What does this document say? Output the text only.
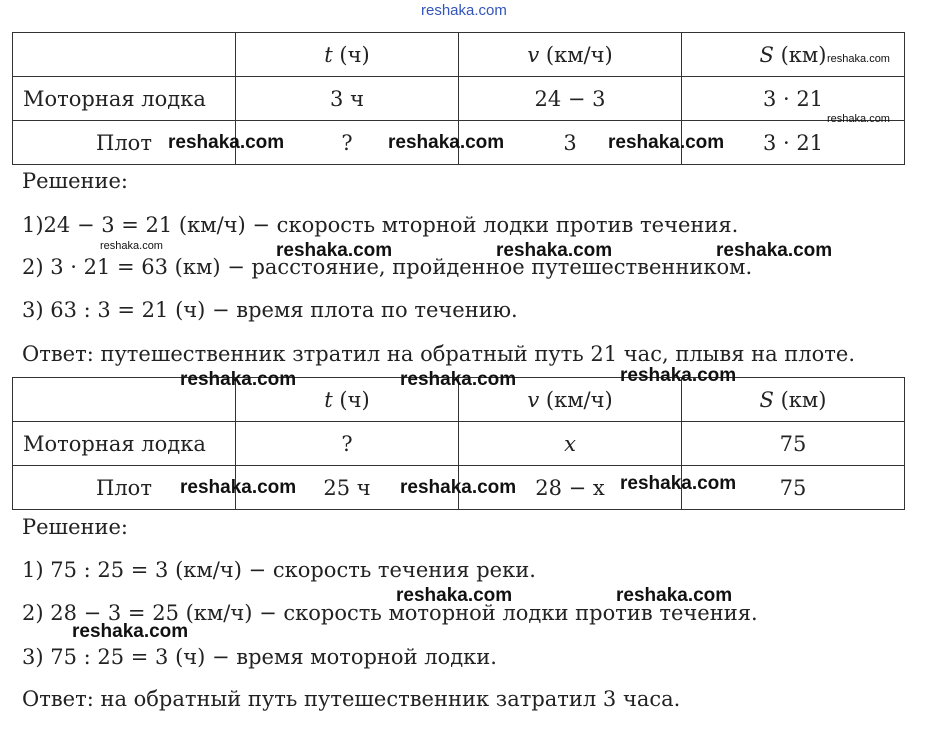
reshaka.com
	t (ч)	v (км/ч)	S (км)
Моторная лодка	3 ч	24 − 3	3 · 21
Плот	?	3	3 · 21
Решение:
1)24 − 3 = 21 (км/ч) − скорость мторной лодки против течения.
2) 3 · 21 = 63 (км) − расстояние, пройденное путешественником.
3) 63 : 3 = 21 (ч) − время плота по течению.
Ответ: путешественник зтратил на обратный путь 21 час, плывя на плоте.
	t (ч)	v (км/ч)	S (км)
Моторная лодка	?	x	75
Плот	25 ч	28 − x	75
Решение:
1) 75 : 25 = 3 (км/ч) − скорость течения реки.
2) 28 − 3 = 25 (км/ч) − скорость моторной лодки против течения.
3) 75 : 25 = 3 (ч) − время моторной лодки.
Ответ: на обратный путь путешественник затратил 3 часа.
reshaka.com
reshaka.com
reshaka.com	reshaka.com	reshaka.com
reshaka.com	reshaka.com	reshaka.com	reshaka.com
reshaka.com	reshaka.com	reshaka.com
reshaka.com	reshaka.com	reshaka.com
reshaka.com	reshaka.com
reshaka.com
